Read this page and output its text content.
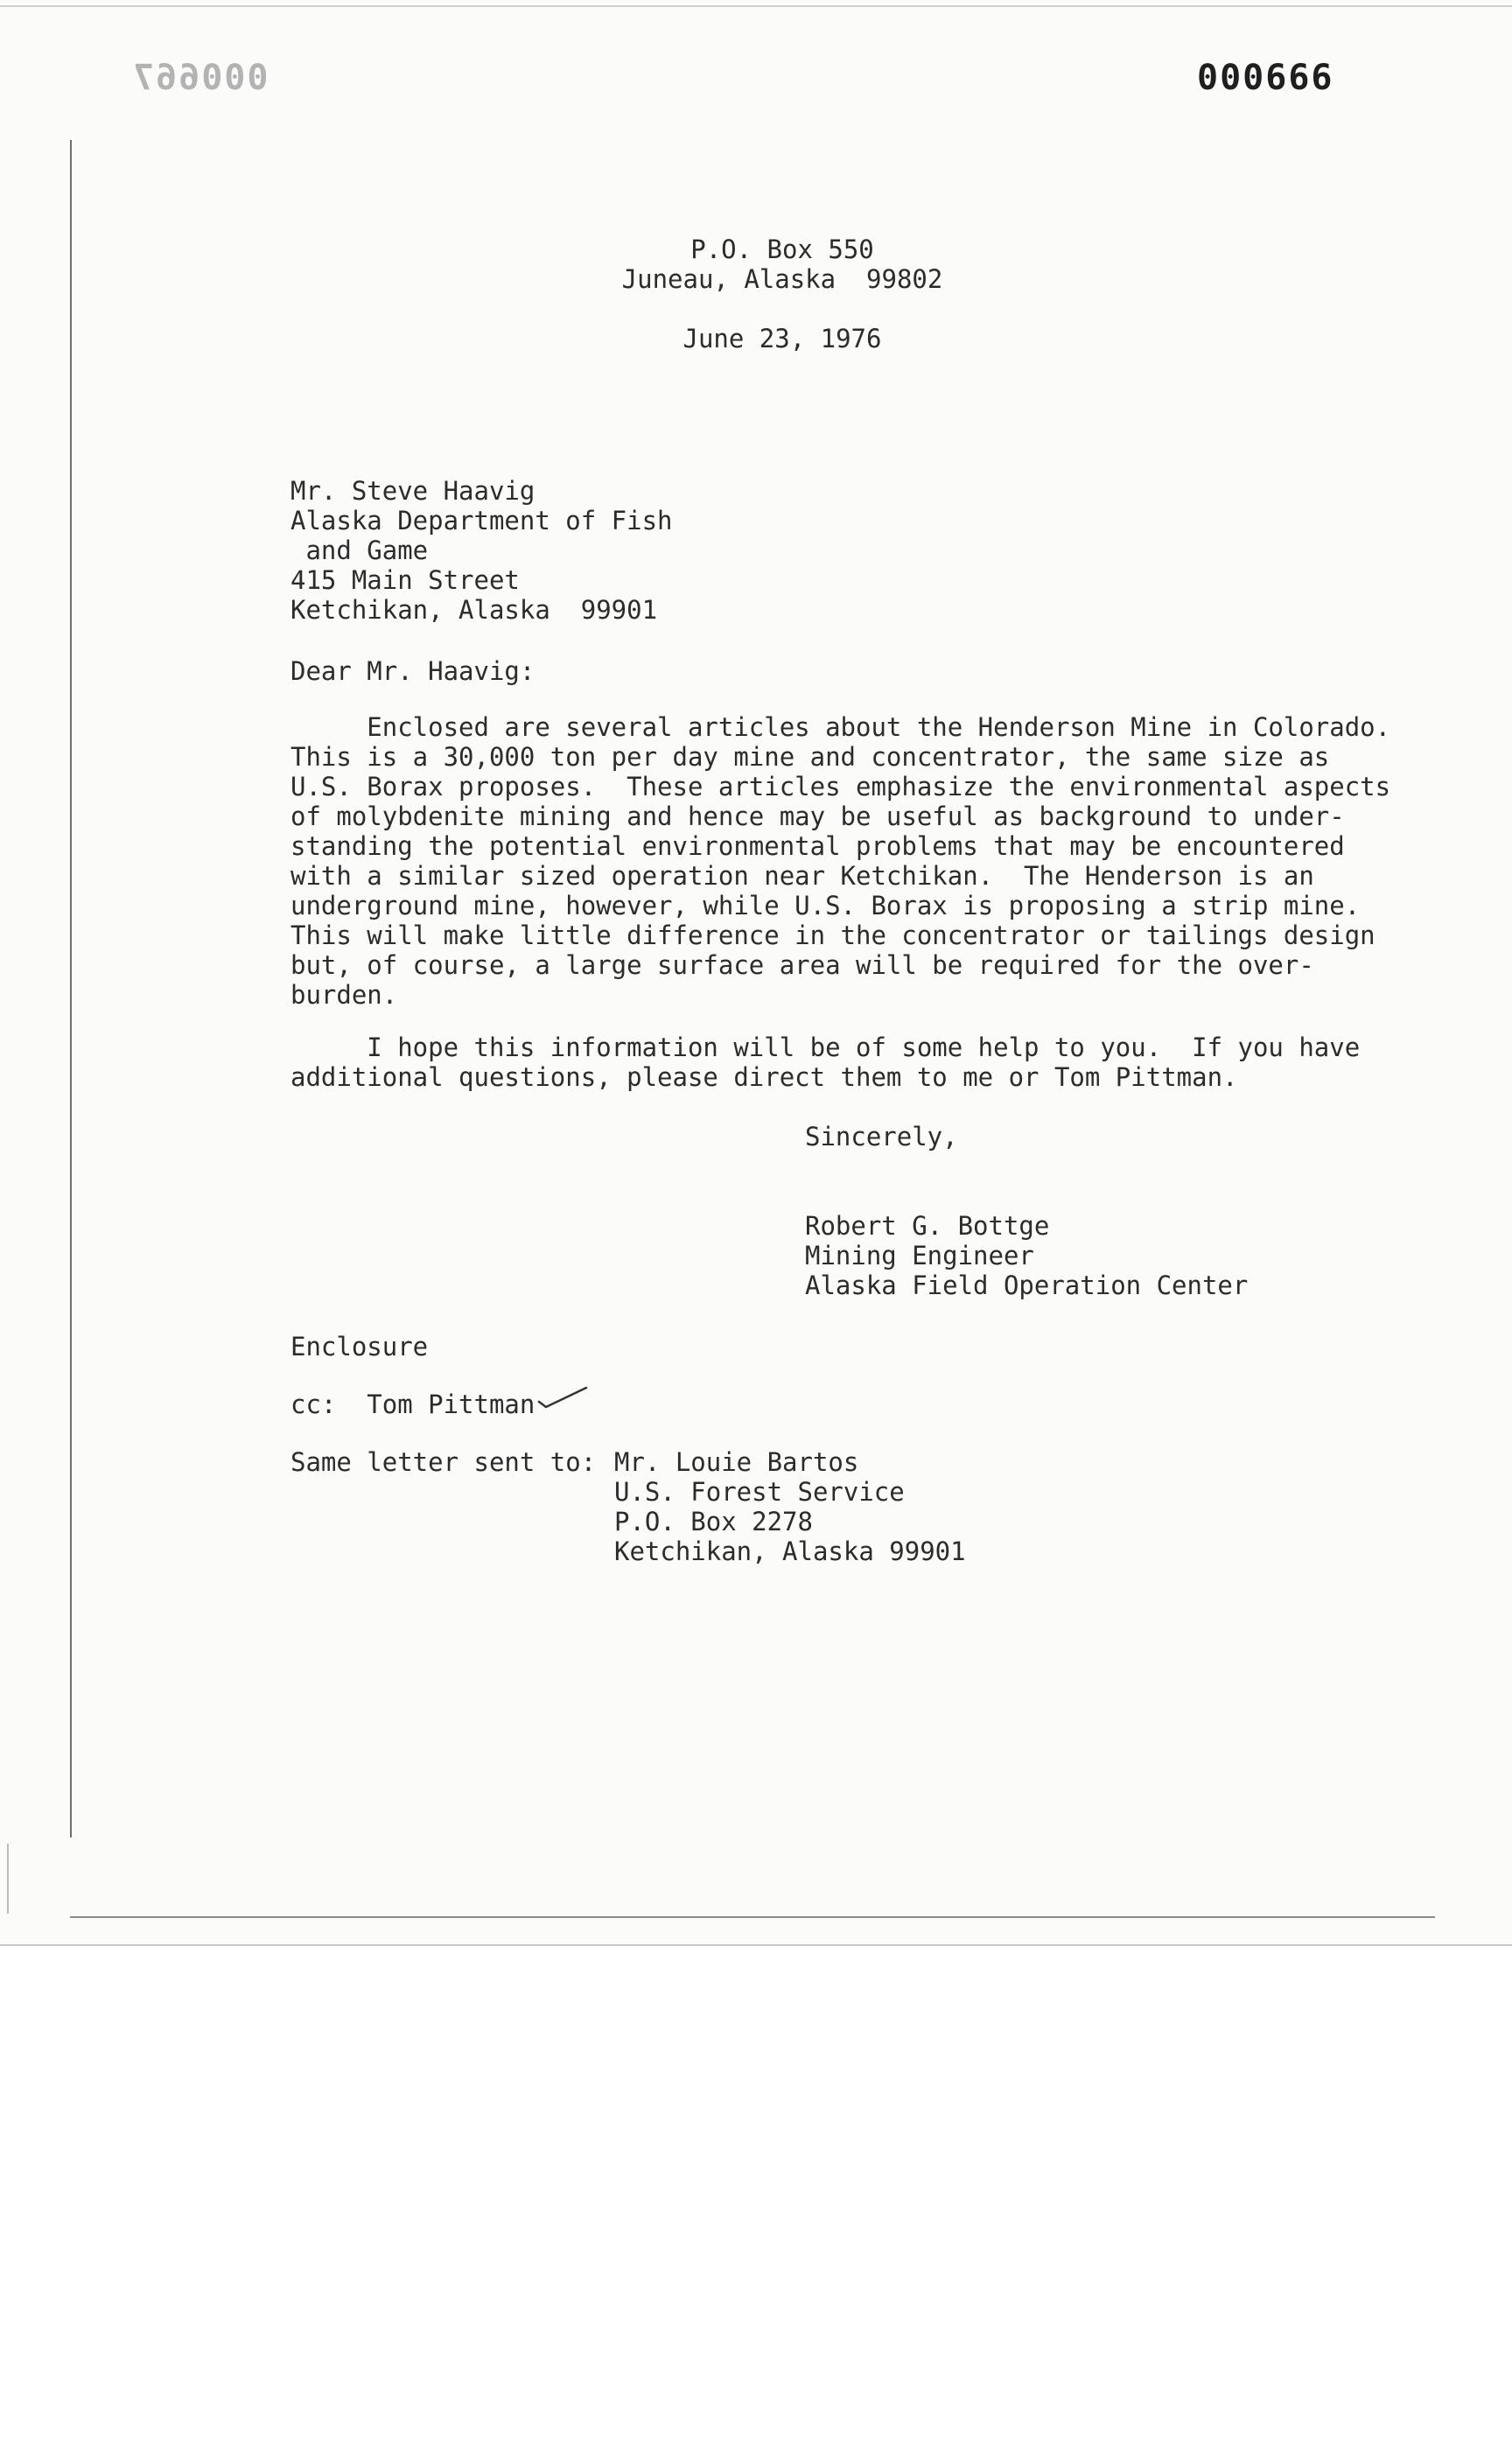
000667	000666

P.O. Box 550

Juneau, Alaska  99802

June 23, 1976

Mr. Steve Haavig

Alaska Department of Fish

and Game

415 Main Street

Ketchikan, Alaska  99901

Dear Mr. Haavig:

Enclosed are several articles about the Henderson Mine in Colorado.

This is a 30,000 ton per day mine and concentrator, the same size as

U.S. Borax proposes.  These articles emphasize the environmental aspects

of molybdenite mining and hence may be useful as background to under-

standing the potential environmental problems that may be encountered

with a similar sized operation near Ketchikan.  The Henderson is an

underground mine, however, while U.S. Borax is proposing a strip mine.

This will make little difference in the concentrator or tailings design

but, of course, a large surface area will be required for the over-

burden.

I hope this information will be of some help to you.  If you have

additional questions, please direct them to me or Tom Pittman.

Sincerely,

Robert G. Bottge

Mining Engineer

Alaska Field Operation Center

Enclosure

cc:  Tom Pittman

Same letter sent to: Mr. Louie Bartos

U.S. Forest Service

P.O. Box 2278

Ketchikan, Alaska 99901
